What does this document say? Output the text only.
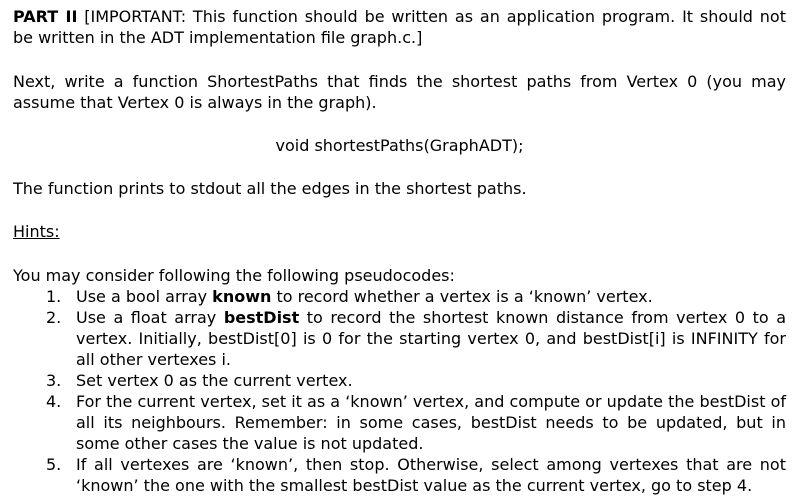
PART II [IMPORTANT: This function should be written as an application program. It should not be written in the ADT implementation file graph.c.]

Next, write a function ShortestPaths that finds the shortest paths from Vertex 0 (you may assume that Vertex 0 is always in the graph).

void shortestPaths(GraphADT);

The function prints to stdout all the edges in the shortest paths.

Hints:

You may consider following the following pseudocodes:

1. Use a bool array known to record whether a vertex is a ‘known’ vertex.
2. Use a float array bestDist to record the shortest known distance from vertex 0 to a vertex. Initially, bestDist[0] is 0 for the starting vertex 0, and bestDist[i] is INFINITY for all other vertexes i.
3. Set vertex 0 as the current vertex.
4. For the current vertex, set it as a ‘known’ vertex, and compute or update the bestDist of all its neighbours. Remember: in some cases, bestDist needs to be updated, but in some other cases the value is not updated.
5. If all vertexes are ‘known’, then stop. Otherwise, select among vertexes that are not ‘known’ the one with the smallest bestDist value as the current vertex, go to step 4.
